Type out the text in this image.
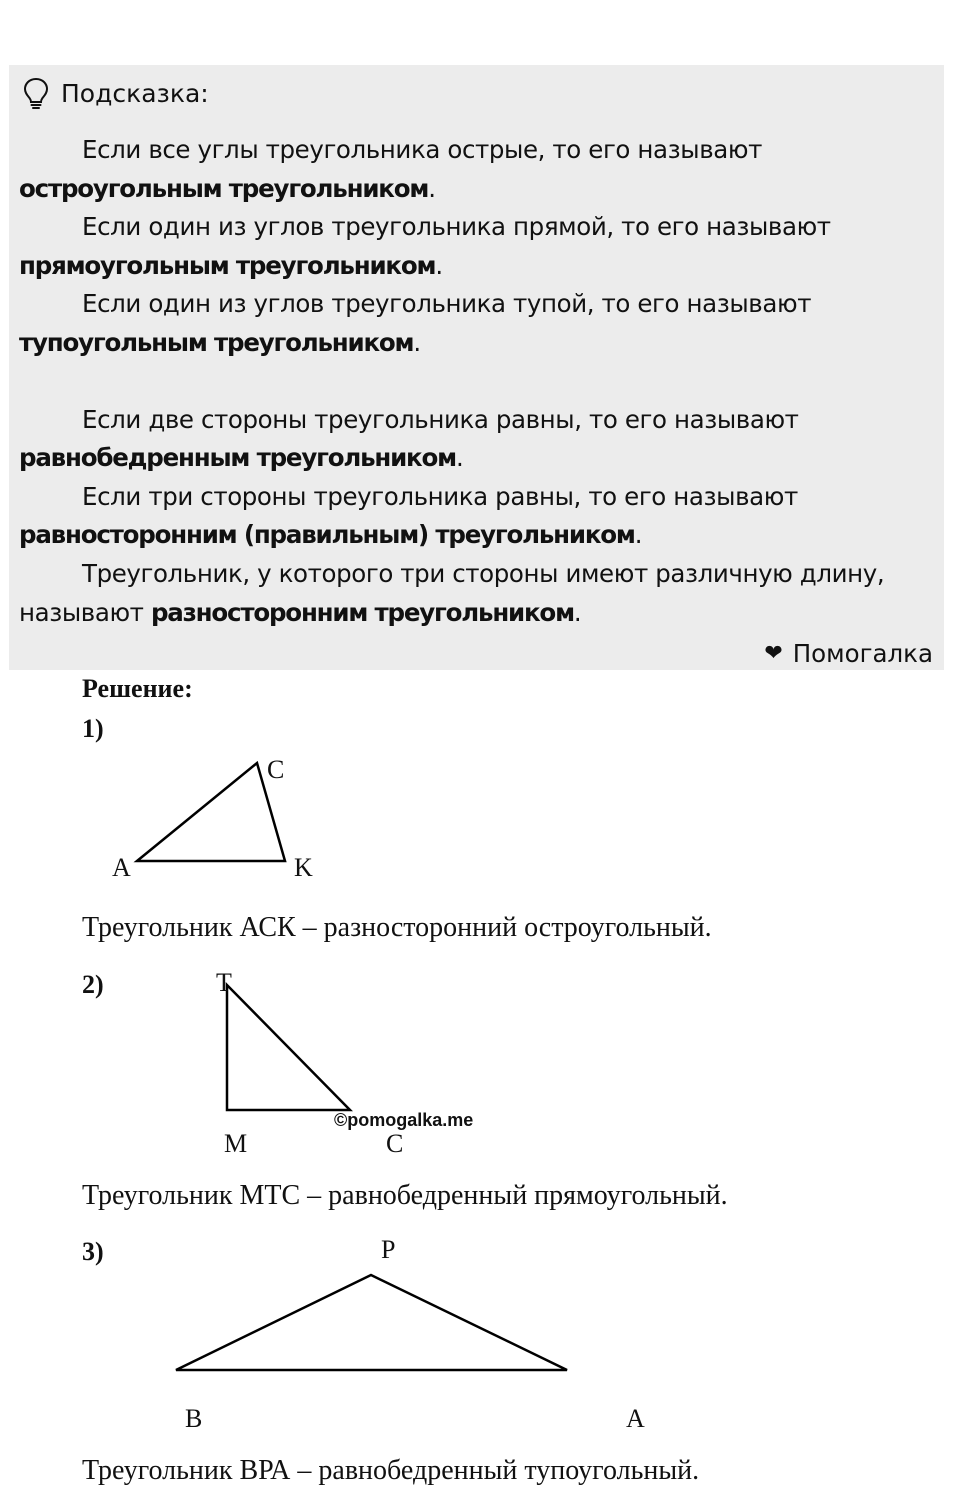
Подсказка:

Если все углы треугольника острые, то его называют
остроугольным треугольником.

Если один из углов треугольника прямой, то его называют
прямоугольным треугольником.

Если один из углов треугольника тупой, то его называют
тупоугольным треугольником.

Если две стороны треугольника равны, то его называют
равнобедренным треугольником.

Если три стороны треугольника равны, то его называют
равносторонним (правильным) треугольником.

Треугольник, у которого три стороны имеют различную длину, называют разносторонним треугольником.

❤ Помогалка
Решение:
1)
2)
3)
A
C
K
Треугольник АСК – разносторонний остроугольный.
T
M	C
©pomogalka.me
Треугольник МТС – равнобедренный прямоугольный.
P
B	A
Треугольник ВРА – равнобедренный тупоугольный.
